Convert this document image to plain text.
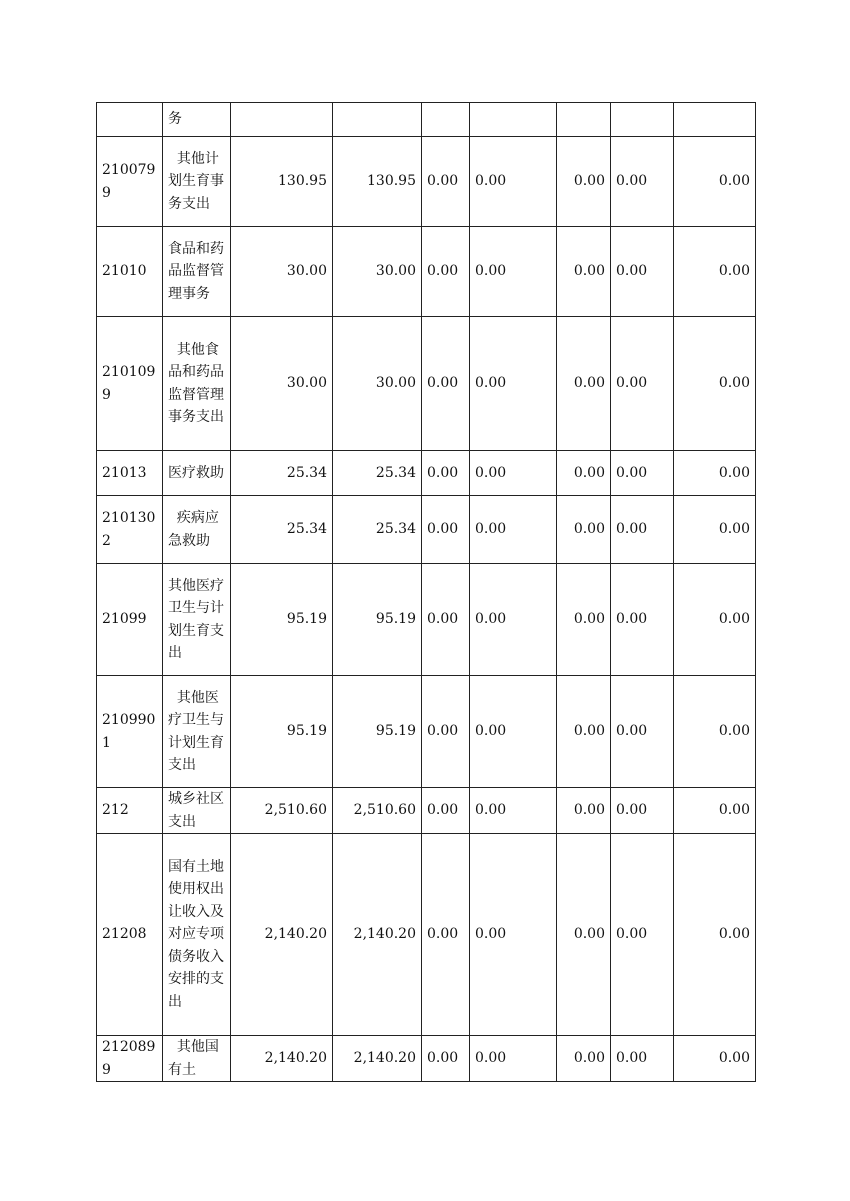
	务							
2100799	其他计划生育事务支出	130.95	130.95	0.00	0.00	0.00	0.00	0.00
21010	食品和药品监督管理事务	30.00	30.00	0.00	0.00	0.00	0.00	0.00
2101099	其他食品和药品监督管理事务支出	30.00	30.00	0.00	0.00	0.00	0.00	0.00
21013	医疗救助	25.34	25.34	0.00	0.00	0.00	0.00	0.00
2101302	疾病应急救助	25.34	25.34	0.00	0.00	0.00	0.00	0.00
21099	其他医疗卫生与计划生育支出	95.19	95.19	0.00	0.00	0.00	0.00	0.00
2109901	其他医疗卫生与计划生育支出	95.19	95.19	0.00	0.00	0.00	0.00	0.00
212	城乡社区支出	2,510.60	2,510.60	0.00	0.00	0.00	0.00	0.00
21208	国有土地使用权出让收入及对应专项债务收入安排的支出	2,140.20	2,140.20	0.00	0.00	0.00	0.00	0.00
2120899	其他国有土	2,140.20	2,140.20	0.00	0.00	0.00	0.00	0.00
